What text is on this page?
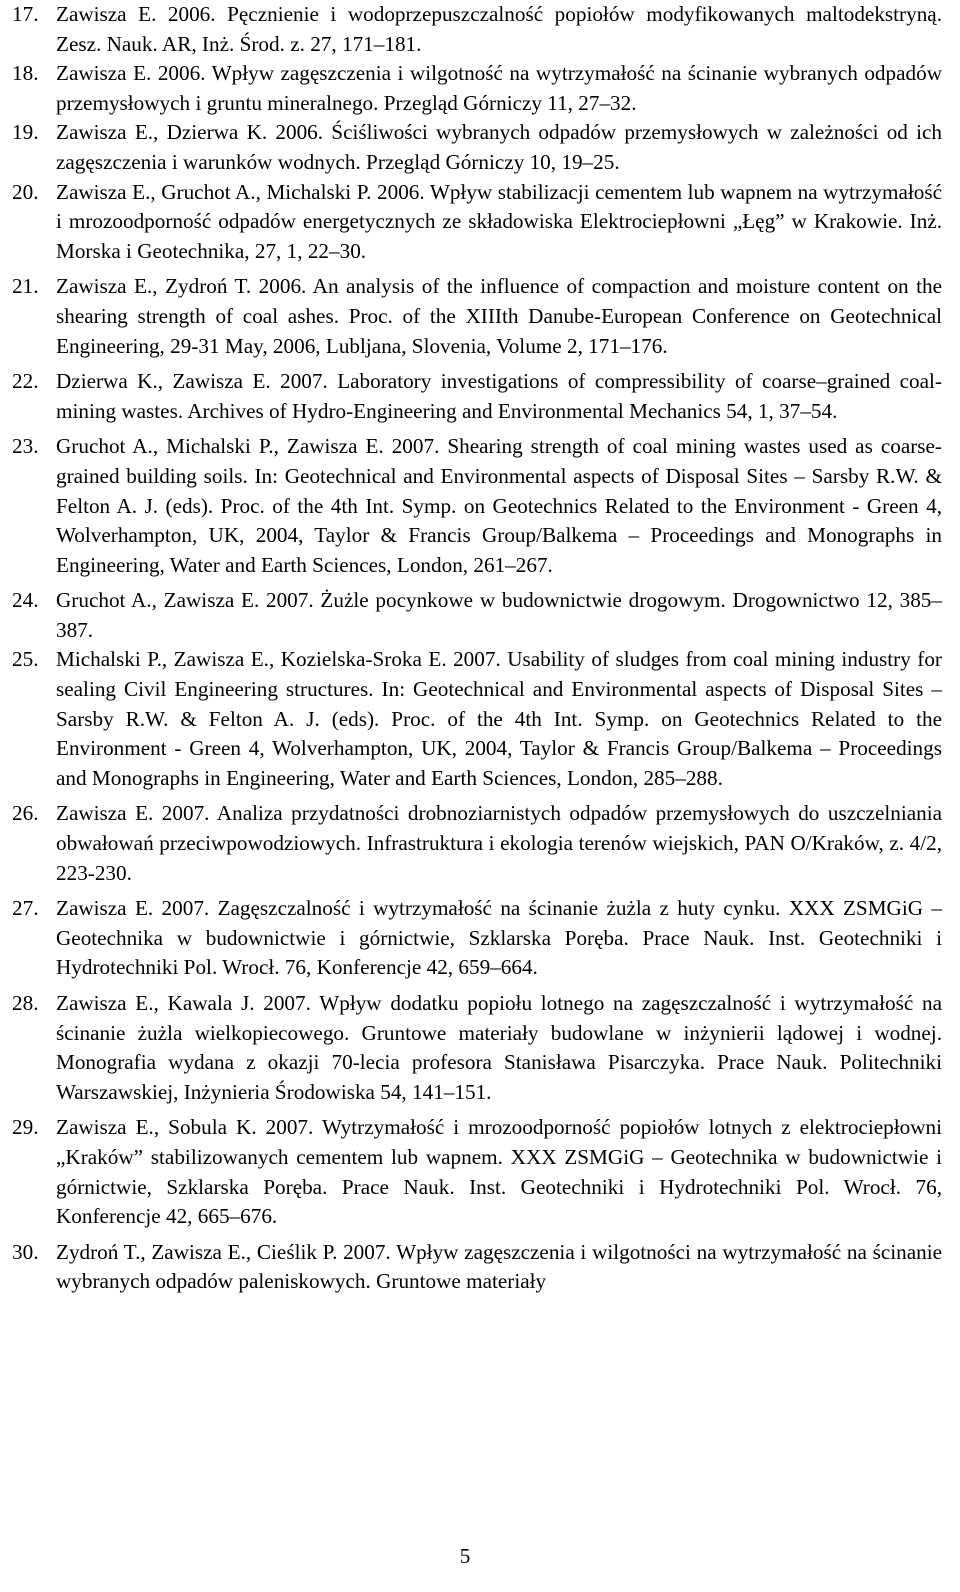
17. Zawisza E. 2006. Pęcznienie i wodoprzepuszczalność popiołów modyfikowanych maltodekstryną. Zesz. Nauk. AR, Inż. Środ. z. 27, 171–181.
18. Zawisza E. 2006. Wpływ zagęszczenia i wilgotność na wytrzymałość na ścinanie wybranych odpadów przemysłowych i gruntu mineralnego. Przegląd Górniczy 11, 27–32.
19. Zawisza E., Dzierwa K. 2006. Ściśliwości wybranych odpadów przemysłowych w zależności od ich zagęszczenia i warunków wodnych. Przegląd Górniczy 10, 19–25.
20. Zawisza E., Gruchot A., Michalski P. 2006. Wpływ stabilizacji cementem lub wapnem na wytrzymałość i mrozoodporność odpadów energetycznych ze składowiska Elektrociepłowni „Łęg” w Krakowie. Inż. Morska i Geotechnika, 27, 1, 22–30.
21. Zawisza E., Zydroń T. 2006. An analysis of the influence of compaction and moisture content on the shearing strength of coal ashes. Proc. of the XIIIth Danube-European Conference on Geotechnical Engineering, 29-31 May, 2006, Lubljana, Slovenia, Volume 2, 171–176.
22. Dzierwa K., Zawisza E. 2007. Laboratory investigations of compressibility of coarse–grained coal-mining wastes. Archives of Hydro-Engineering and Environmental Mechanics 54, 1, 37–54.
23. Gruchot A., Michalski P., Zawisza E. 2007. Shearing strength of coal mining wastes used as coarse-grained building soils. In: Geotechnical and Environmental aspects of Disposal Sites – Sarsby R.W. & Felton A. J. (eds). Proc. of the 4th Int. Symp. on Geotechnics Related to the Environment - Green 4, Wolverhampton, UK, 2004, Taylor & Francis Group/Balkema – Proceedings and Monographs in Engineering, Water and Earth Sciences, London, 261–267.
24. Gruchot A., Zawisza E. 2007. Żużle pocynkowe w budownictwie drogowym. Drogownictwo 12, 385–387.
25. Michalski P., Zawisza E., Kozielska-Sroka E. 2007. Usability of sludges from coal mining industry for sealing Civil Engineering structures. In: Geotechnical and Environmental aspects of Disposal Sites – Sarsby R.W. & Felton A. J. (eds). Proc. of the 4th Int. Symp. on Geotechnics Related to the Environment - Green 4, Wolverhampton, UK, 2004, Taylor & Francis Group/Balkema – Proceedings and Monographs in Engineering, Water and Earth Sciences, London, 285–288.
26. Zawisza E. 2007. Analiza przydatności drobnoziarnistych odpadów przemysłowych do uszczelniania obwałowań przeciwpowodziowych. Infrastruktura i ekologia terenów wiejskich, PAN O/Kraków, z. 4/2, 223-230.
27. Zawisza E. 2007. Zagęszczalność i wytrzymałość na ścinanie żużla z huty cynku. XXX ZSMGiG – Geotechnika w budownictwie i górnictwie, Szklarska Poręba. Prace Nauk. Inst. Geotechniki i Hydrotechniki Pol. Wrocł. 76, Konferencje 42, 659–664.
28. Zawisza E., Kawala J. 2007. Wpływ dodatku popiołu lotnego na zagęszczalność i wytrzymałość na ścinanie żużla wielkopiecowego. Gruntowe materiały budowlane w inżynierii lądowej i wodnej. Monografia wydana z okazji 70-lecia profesora Stanisława Pisarczyka. Prace Nauk. Politechniki Warszawskiej, Inżynieria Środowiska 54, 141–151.
29. Zawisza E., Sobula K. 2007. Wytrzymałość i mrozoodporność popiołów lotnych z elektrociepłowni „Kraków” stabilizowanych cementem lub wapnem. XXX ZSMGiG – Geotechnika w budownictwie i górnictwie, Szklarska Poręba. Prace Nauk. Inst. Geotechniki i Hydrotechniki Pol. Wrocł. 76, Konferencje 42, 665–676.
30. Zydroń T., Zawisza E., Cieślik P. 2007. Wpływ zagęszczenia i wilgotności na wytrzymałość na ścinanie wybranych odpadów paleniskowych. Gruntowe materiały
5
